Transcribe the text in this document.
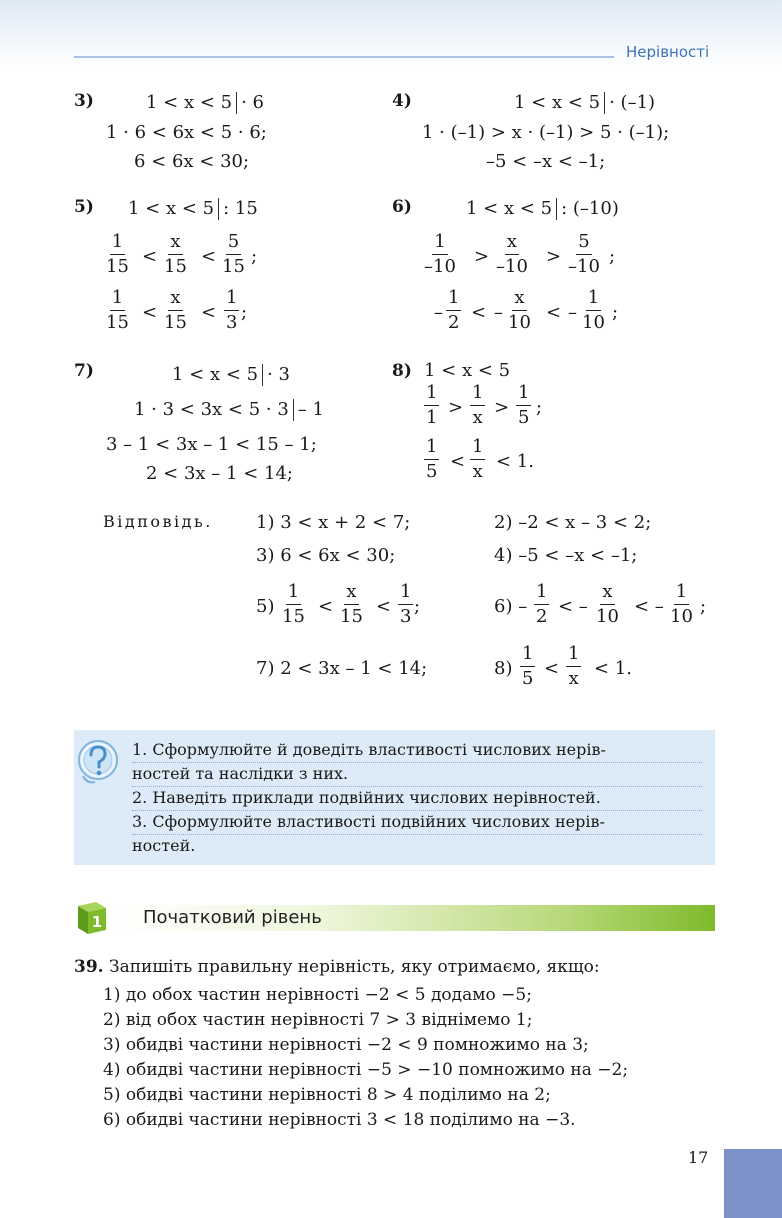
Нерівності
3)	1 < x < 5 · 6
1 · 6 < 6x < 5 · 6;
6 < 6x < 30;
4)	1 < x < 5 · (–1)
1 · (–1) > x · (–1) > 5 · (–1);
–5 < –x < –1;
5) 1 < x < 5 : 15
$\frac{1}{15} < \frac{x}{15} < \frac{5}{15}$ ;
$\frac{1}{15} < \frac{x}{15} < \frac{1}{3}$ ;
6)	1 < x < 5 : (–10)
$\frac{1}{-10} > \frac{x}{-10} > \frac{5}{-10}$ ;
– $\frac{1}{2}$ < – $\frac{x}{10}$ < – $\frac{1}{10}$ ;
7)	1 < x < 5 · 3
1 · 3 < 3x < 5 · 3 – 1
3 – 1 < 3x – 1 < 15 – 1;
2 < 3x – 1 < 14;
8) 1 < x < 5
$\frac{1}{1} > \frac{1}{x} > \frac{1}{5}$ ;
$\frac{1}{5} < \frac{1}{x} < 1$.
Відповідь. 1) 3 < x + 2 < 7;	2) –2 < x – 3 < 2;
3) 6 < 6x < 30;	4) –5 < –x < –1;
$5) \frac{1}{15} < \frac{x}{15} < \frac{1}{3}$ ;	$6) - \frac{1}{2}$ < – $\frac{x}{10}$ < – $\frac{1}{10}$ ;
7) 2 < 3x – 1 < 14;	$8) \frac{1}{5} < \frac{1}{x} < 1$.
1. Сформулюйте й доведіть властивості числових нерів-
ностей та наслідки з них.
2. Наведіть приклади подвійних числових нерівностей.
3. Сформулюйте властивості подвійних числових нерів-
ностей.
1 Початковий рівень
39. Запишіть правильну нерівність, яку отримаємо, якщо:
1) до обох частин нерівності −2 < 5 додамо −5;
2) від обох частин нерівності 7 > 3 віднімемо 1;
3) обидві частини нерівності −2 < 9 помножимо на 3;
4) обидві частини нерівності −5 > −10 помножимо на −2;
5) обидві частини нерівності 8 > 4 поділимо на 2;
6) обидві частини нерівності 3 < 18 поділимо на −3.
17
